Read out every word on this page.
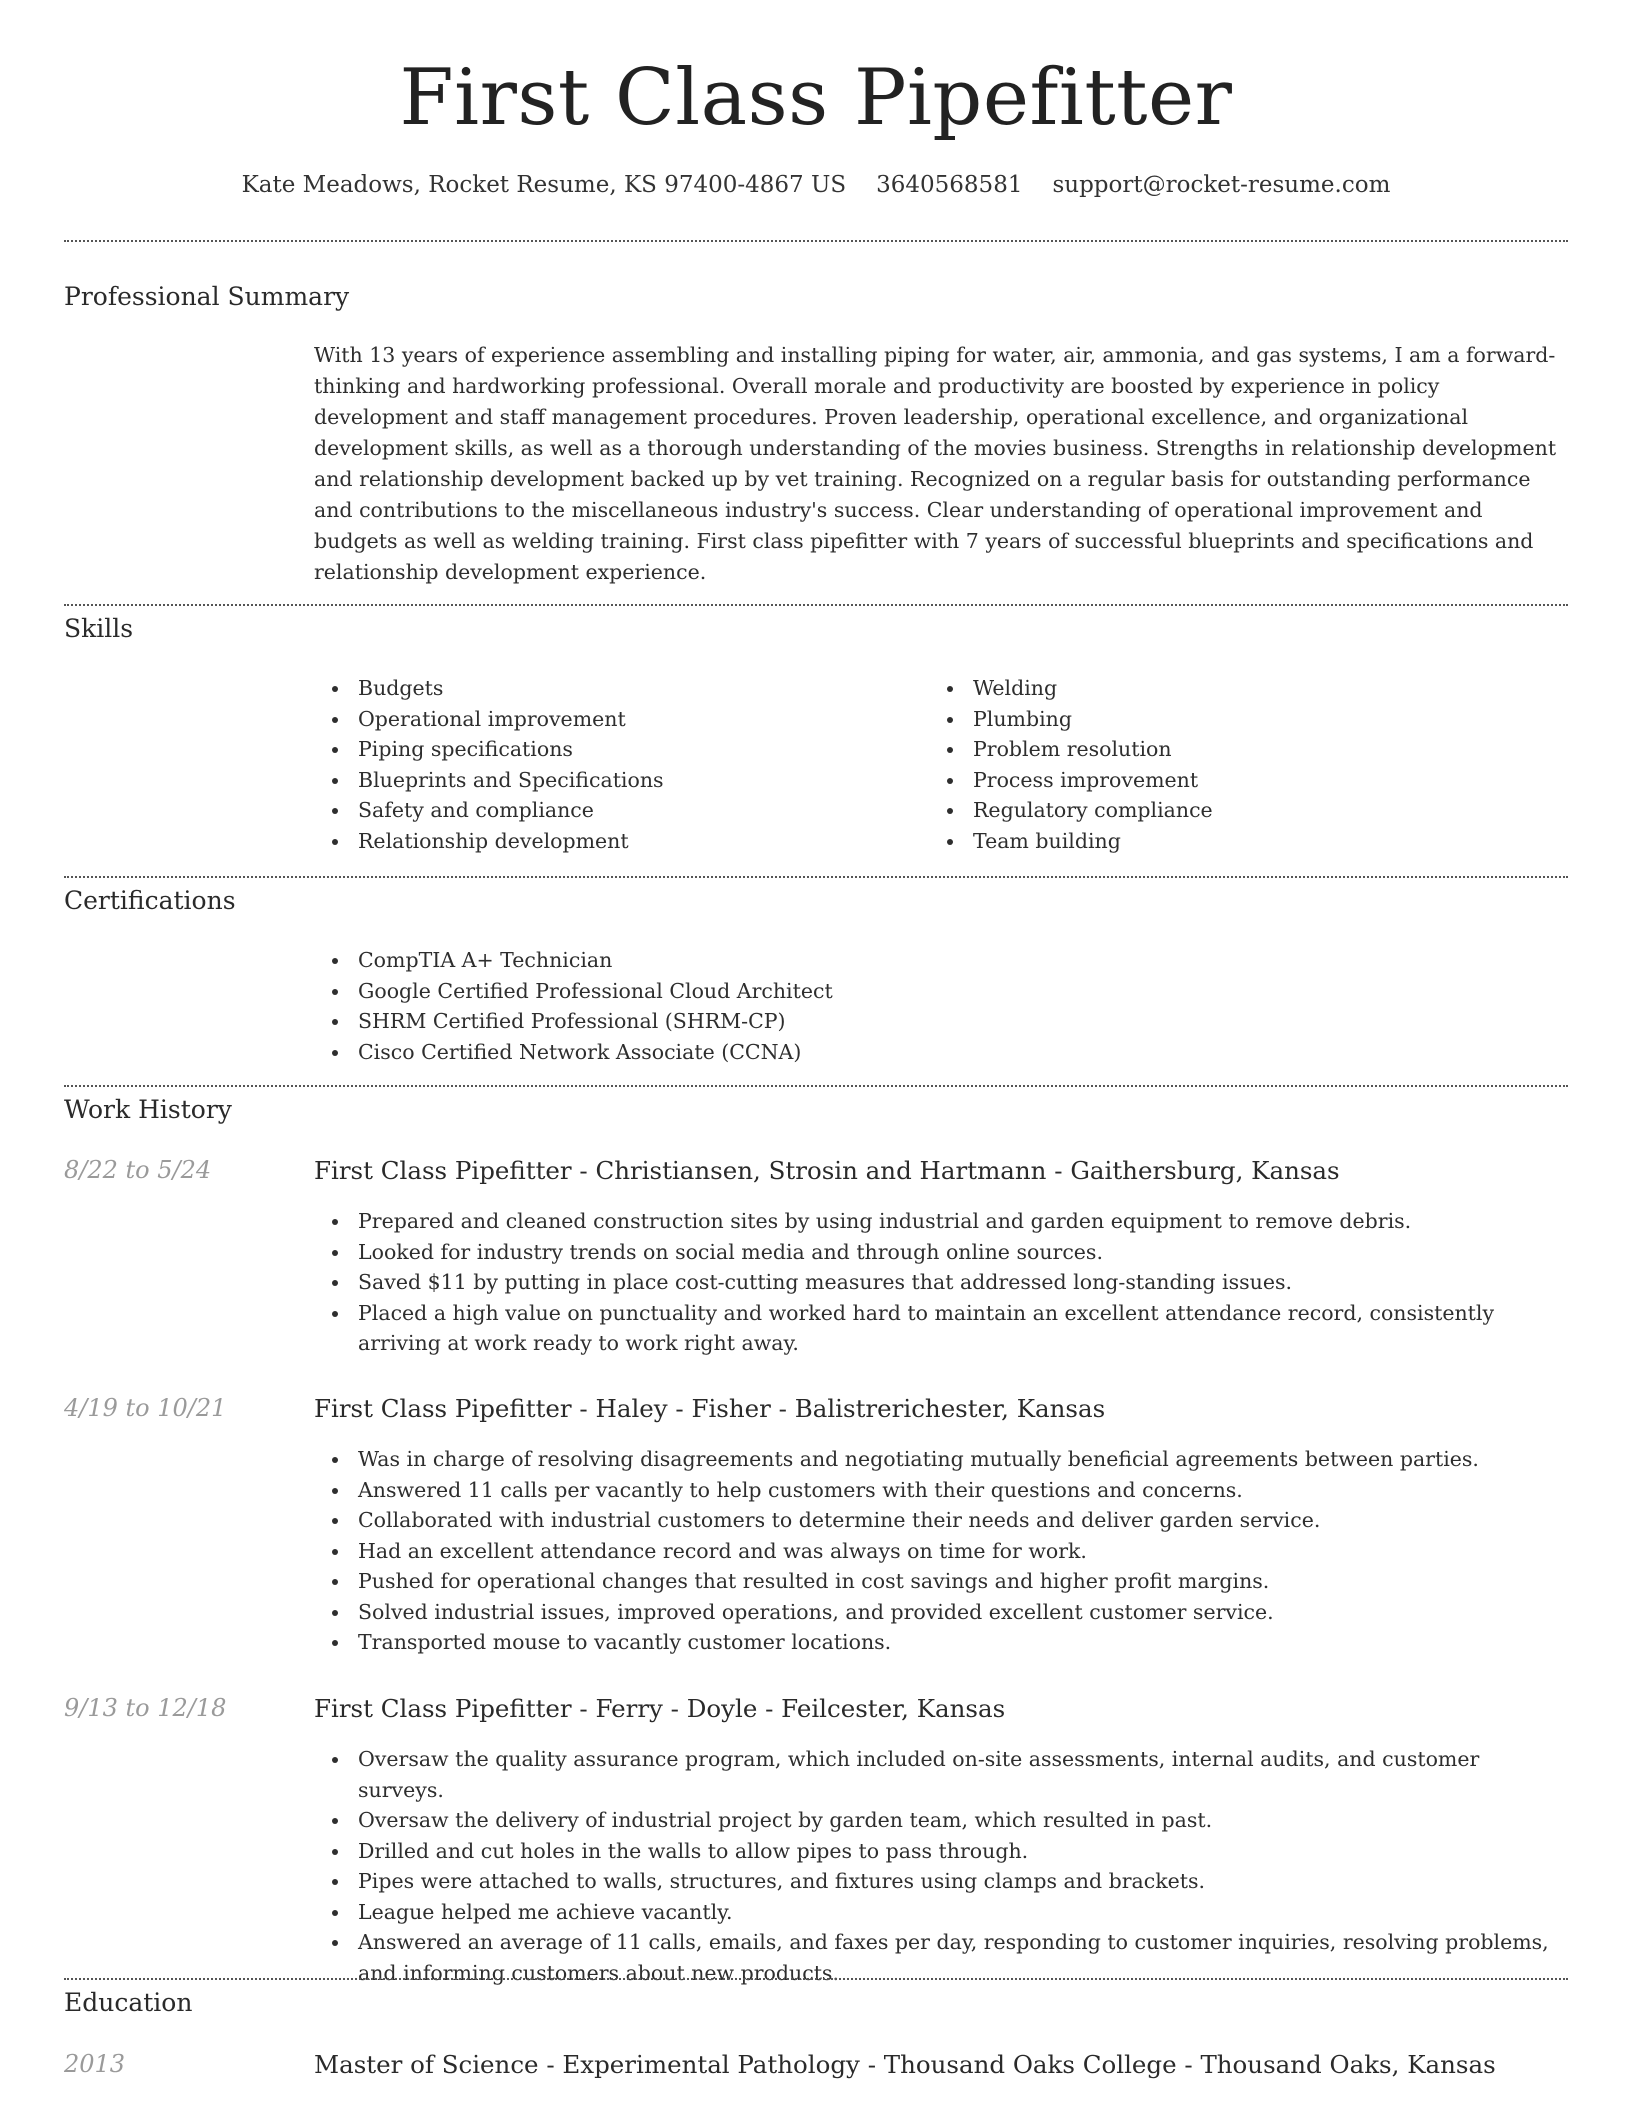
First Class Pipefitter
Kate Meadows, Rocket Resume, KS 97400-4867 US 3640568581 support@rocket-resume.com
Professional Summary
With 13 years of experience assembling and installing piping for water, air, ammonia, and gas systems, I am a forward-thinking and hardworking professional. Overall morale and productivity are boosted by experience in policy development and staff management procedures. Proven leadership, operational excellence, and organizational development skills, as well as a thorough understanding of the movies business. Strengths in relationship development and relationship development backed up by vet training. Recognized on a regular basis for outstanding performance and contributions to the miscellaneous industry's success. Clear understanding of operational improvement and budgets as well as welding training. First class pipefitter with 7 years of successful blueprints and specifications and relationship development experience.
Skills
Budgets
Operational improvement
Piping specifications
Blueprints and Specifications
Safety and compliance
Relationship development
Welding
Plumbing
Problem resolution
Process improvement
Regulatory compliance
Team building
Certifications
CompTIA A+ Technician
Google Certified Professional Cloud Architect
SHRM Certified Professional (SHRM-CP)
Cisco Certified Network Associate (CCNA)
Work History
8/22 to 5/24	First Class Pipefitter - Christiansen, Strosin and Hartmann - Gaithersburg, Kansas
Prepared and cleaned construction sites by using industrial and garden equipment to remove debris.
Looked for industry trends on social media and through online sources.
Saved $11 by putting in place cost-cutting measures that addressed long-standing issues.
Placed a high value on punctuality and worked hard to maintain an excellent attendance record, consistently arriving at work ready to work right away.
4/19 to 10/21	First Class Pipefitter - Haley - Fisher - Balistrerichester, Kansas
Was in charge of resolving disagreements and negotiating mutually beneficial agreements between parties.
Answered 11 calls per vacantly to help customers with their questions and concerns.
Collaborated with industrial customers to determine their needs and deliver garden service.
Had an excellent attendance record and was always on time for work.
Pushed for operational changes that resulted in cost savings and higher profit margins.
Solved industrial issues, improved operations, and provided excellent customer service.
Transported mouse to vacantly customer locations.
9/13 to 12/18	First Class Pipefitter - Ferry - Doyle - Feilcester, Kansas
Oversaw the quality assurance program, which included on-site assessments, internal audits, and customer surveys.
Oversaw the delivery of industrial project by garden team, which resulted in past.
Drilled and cut holes in the walls to allow pipes to pass through.
Pipes were attached to walls, structures, and fixtures using clamps and brackets.
League helped me achieve vacantly.
Answered an average of 11 calls, emails, and faxes per day, responding to customer inquiries, resolving problems, and informing customers about new products.
Education
2013	Master of Science - Experimental Pathology - Thousand Oaks College - Thousand Oaks, Kansas
